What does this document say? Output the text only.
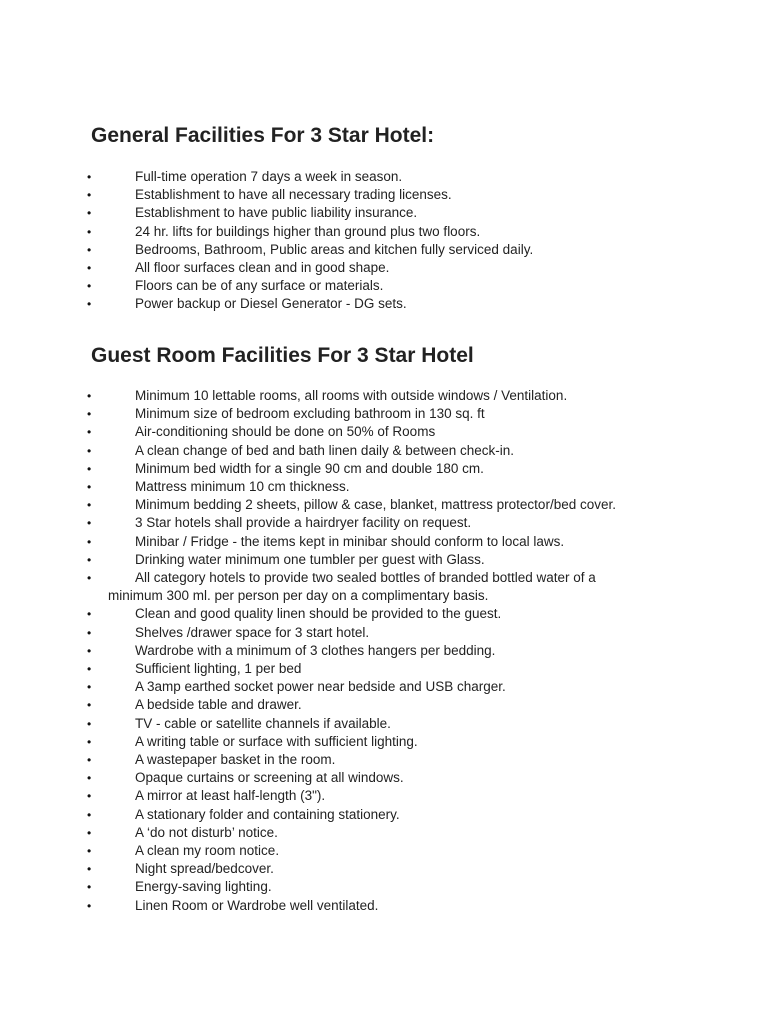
General Facilities For 3 Star Hotel:
•	Full-time operation 7 days a week in season.
•	Establishment to have all necessary trading licenses.
•	Establishment to have public liability insurance.
•	24 hr. lifts for buildings higher than ground plus two floors.
•	Bedrooms, Bathroom, Public areas and kitchen fully serviced daily.
•	All floor surfaces clean and in good shape.
•	Floors can be of any surface or materials.
•	Power backup or Diesel Generator - DG sets.
Guest Room Facilities For 3 Star Hotel
•	Minimum 10 lettable rooms, all rooms with outside windows / Ventilation.
•	Minimum size of bedroom excluding bathroom in 130 sq. ft
•	Air-conditioning should be done on 50% of Rooms
•	A clean change of bed and bath linen daily & between check-in.
•	Minimum bed width for a single 90 cm and double 180 cm.
•	Mattress minimum 10 cm thickness.
•	Minimum bedding 2 sheets, pillow & case, blanket, mattress protector/bed cover.
•	3 Star hotels shall provide a hairdryer facility on request.
•	Minibar / Fridge - the items kept in minibar should conform to local laws.
•	Drinking water minimum one tumbler per guest with Glass.
•	All category hotels to provide two sealed bottles of branded bottled water of a
minimum 300 ml. per person per day on a complimentary basis.
•	Clean and good quality linen should be provided to the guest.
•	Shelves /drawer space for 3 start hotel.
•	Wardrobe with a minimum of 3 clothes hangers per bedding.
•	Sufficient lighting, 1 per bed
•	A 3amp earthed socket power near bedside and USB charger.
•	A bedside table and drawer.
•	TV - cable or satellite channels if available.
•	A writing table or surface with sufficient lighting.
•	A wastepaper basket in the room.
•	Opaque curtains or screening at all windows.
•	A mirror at least half-length (3").
•	A stationary folder and containing stationery.
•	A ‘do not disturb’ notice.
•	A clean my room notice.
•	Night spread/bedcover.
•	Energy-saving lighting.
•	Linen Room or Wardrobe well ventilated.
